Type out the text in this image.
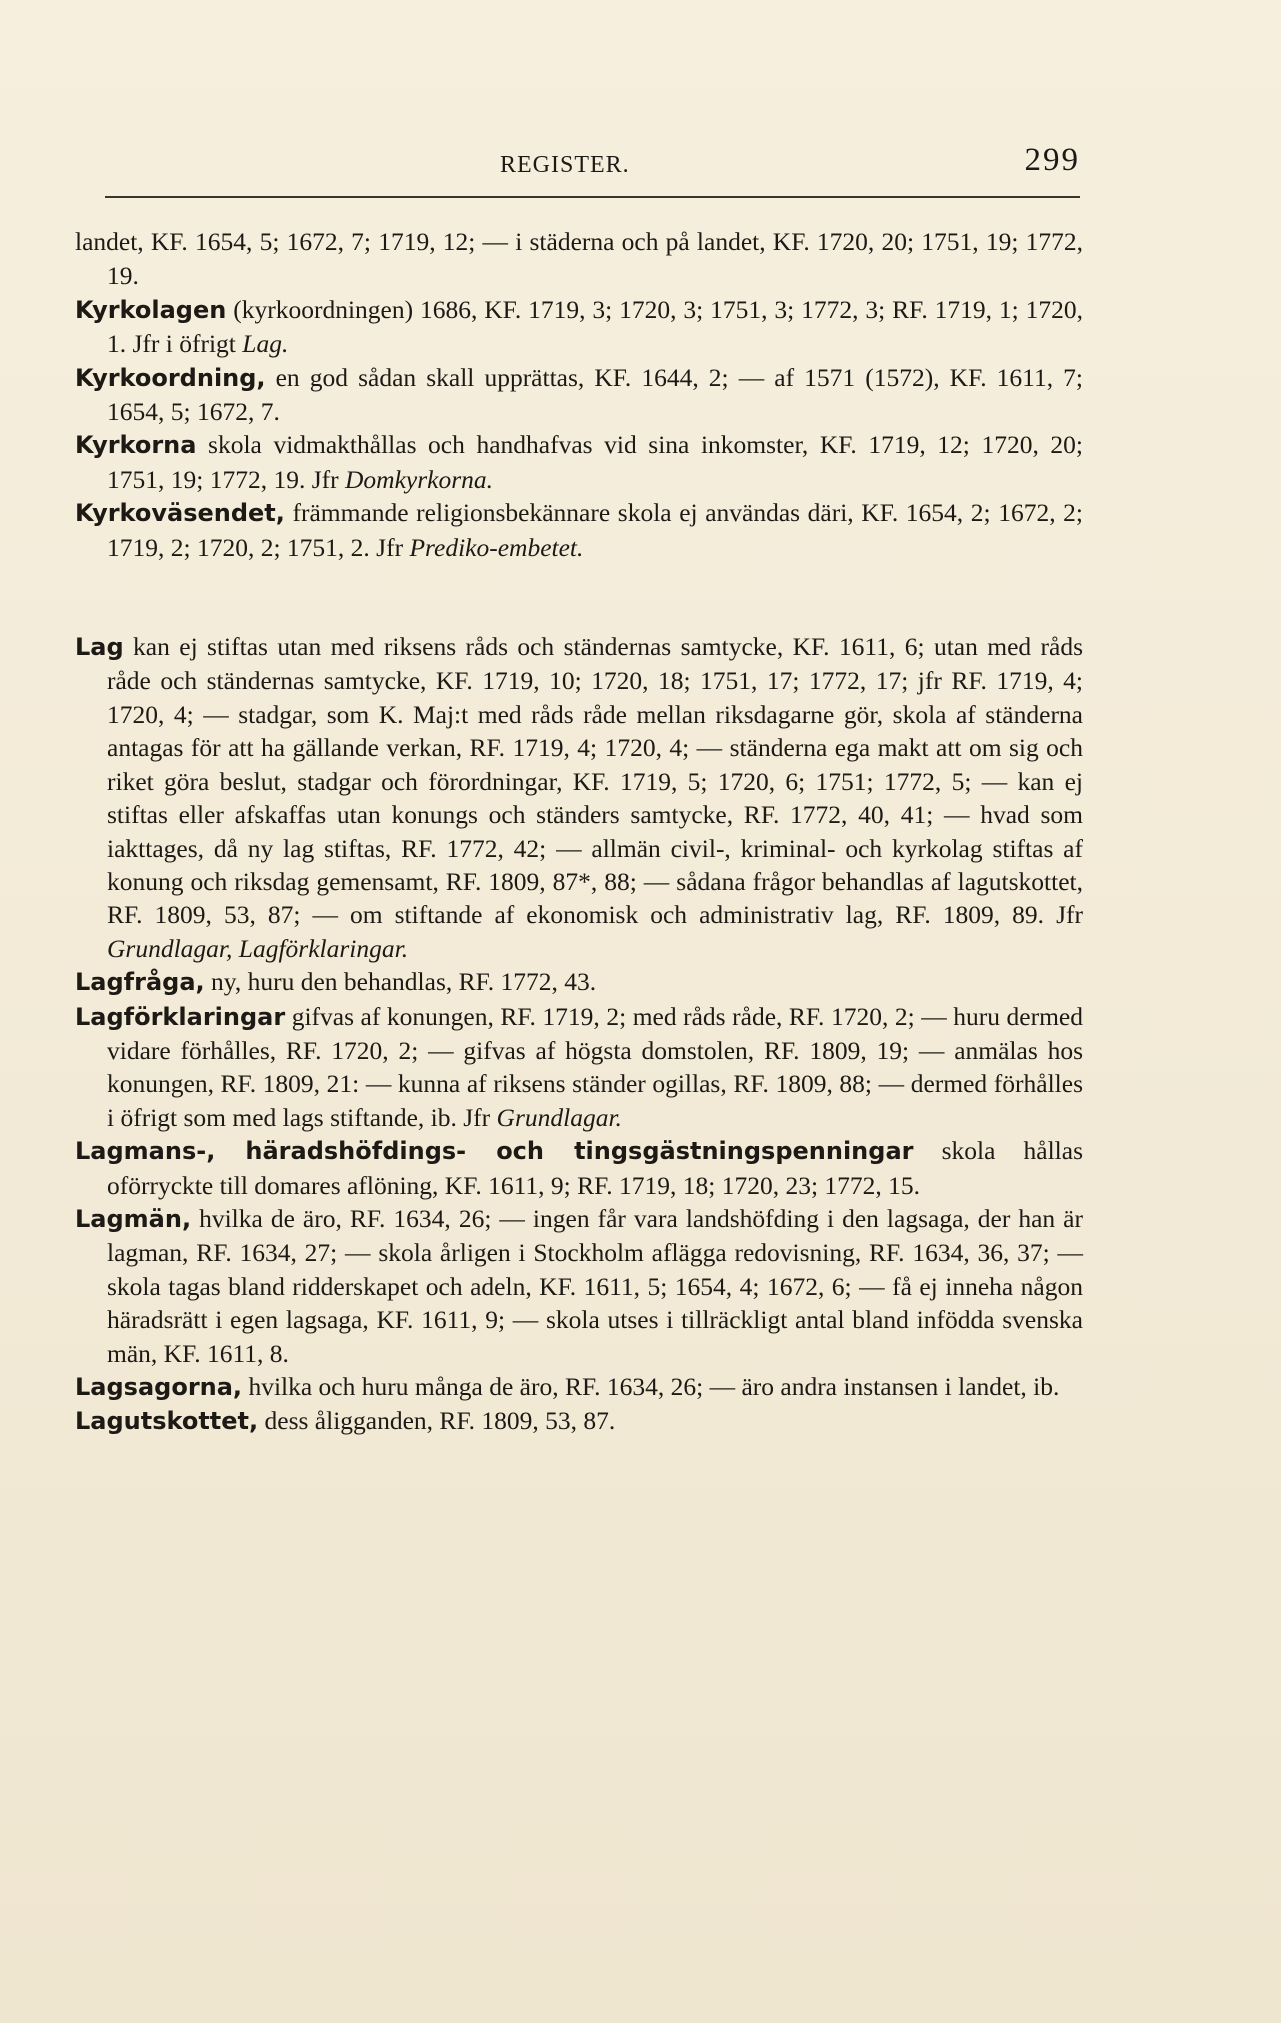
REGISTER.	299

landet, KF. 1654, 5; 1672, 7; 1719, 12; — i städerna och på landet, KF. 1720, 20; 1751, 19; 1772, 19.

Kyrkolagen (kyrkoordningen) 1686, KF. 1719, 3; 1720, 3; 1751, 3; 1772, 3; RF. 1719, 1; 1720, 1. Jfr i öfrigt Lag.

Kyrkoordning, en god sådan skall upprättas, KF. 1644, 2; — af 1571 (1572), KF. 1611, 7; 1654, 5; 1672, 7.

Kyrkorna skola vidmakthållas och handhafvas vid sina inkomster, KF. 1719, 12; 1720, 20; 1751, 19; 1772, 19. Jfr Domkyrkorna.

Kyrkoväsendet, främmande religionsbekännare skola ej användas däri, KF. 1654, 2; 1672, 2; 1719, 2; 1720, 2; 1751, 2. Jfr Prediko-embetet.

Lag kan ej stiftas utan med riksens råds och ständernas samtycke, KF. 1611, 6; utan med råds råde och ständernas samtycke, KF. 1719, 10; 1720, 18; 1751, 17; 1772, 17; jfr RF. 1719, 4; 1720, 4; — stadgar, som K. Maj:t med råds råde mellan riksdagarne gör, skola af ständerna antagas för att ha gällande verkan, RF. 1719, 4; 1720, 4; — ständerna ega makt att om sig och riket göra beslut, stadgar och förordningar, KF. 1719, 5; 1720, 6; 1751; 1772, 5; — kan ej stiftas eller afskaffas utan konungs och ständers samtycke, RF. 1772, 40, 41; — hvad som iakttages, då ny lag stiftas, RF. 1772, 42; — allmän civil-, kriminal- och kyrkolag stiftas af konung och riksdag gemensamt, RF. 1809, 87*, 88; — sådana frågor behandlas af lagutskottet, RF. 1809, 53, 87; — om stiftande af ekonomisk och administrativ lag, RF. 1809, 89. Jfr Grundlagar, Lagförklaringar.

Lagfråga, ny, huru den behandlas, RF. 1772, 43.

Lagförklaringar gifvas af konungen, RF. 1719, 2; med råds råde, RF. 1720, 2; — huru dermed vidare förhålles, RF. 1720, 2; — gifvas af högsta domstolen, RF. 1809, 19; — anmälas hos konungen, RF. 1809, 21: — kunna af riksens ständer ogillas, RF. 1809, 88; — dermed förhålles i öfrigt som med lags stiftande, ib. Jfr Grundlagar.

Lagmans-, häradshöfdings- och tingsgästningspenningar skola hållas oförryckte till domares aflöning, KF. 1611, 9; RF. 1719, 18; 1720, 23; 1772, 15.

Lagmän, hvilka de äro, RF. 1634, 26; — ingen får vara landshöfding i den lagsaga, der han är lagman, RF. 1634, 27; — skola årligen i Stockholm aflägga redovisning, RF. 1634, 36, 37; — skola tagas bland ridderskapet och adeln, KF. 1611, 5; 1654, 4; 1672, 6; — få ej inneha någon häradsrätt i egen lagsaga, KF. 1611, 9; — skola utses i tillräckligt antal bland infödda svenska män, KF. 1611, 8.

Lagsagorna, hvilka och huru många de äro, RF. 1634, 26; — äro andra instansen i landet, ib.

Lagutskottet, dess åligganden, RF. 1809, 53, 87.
